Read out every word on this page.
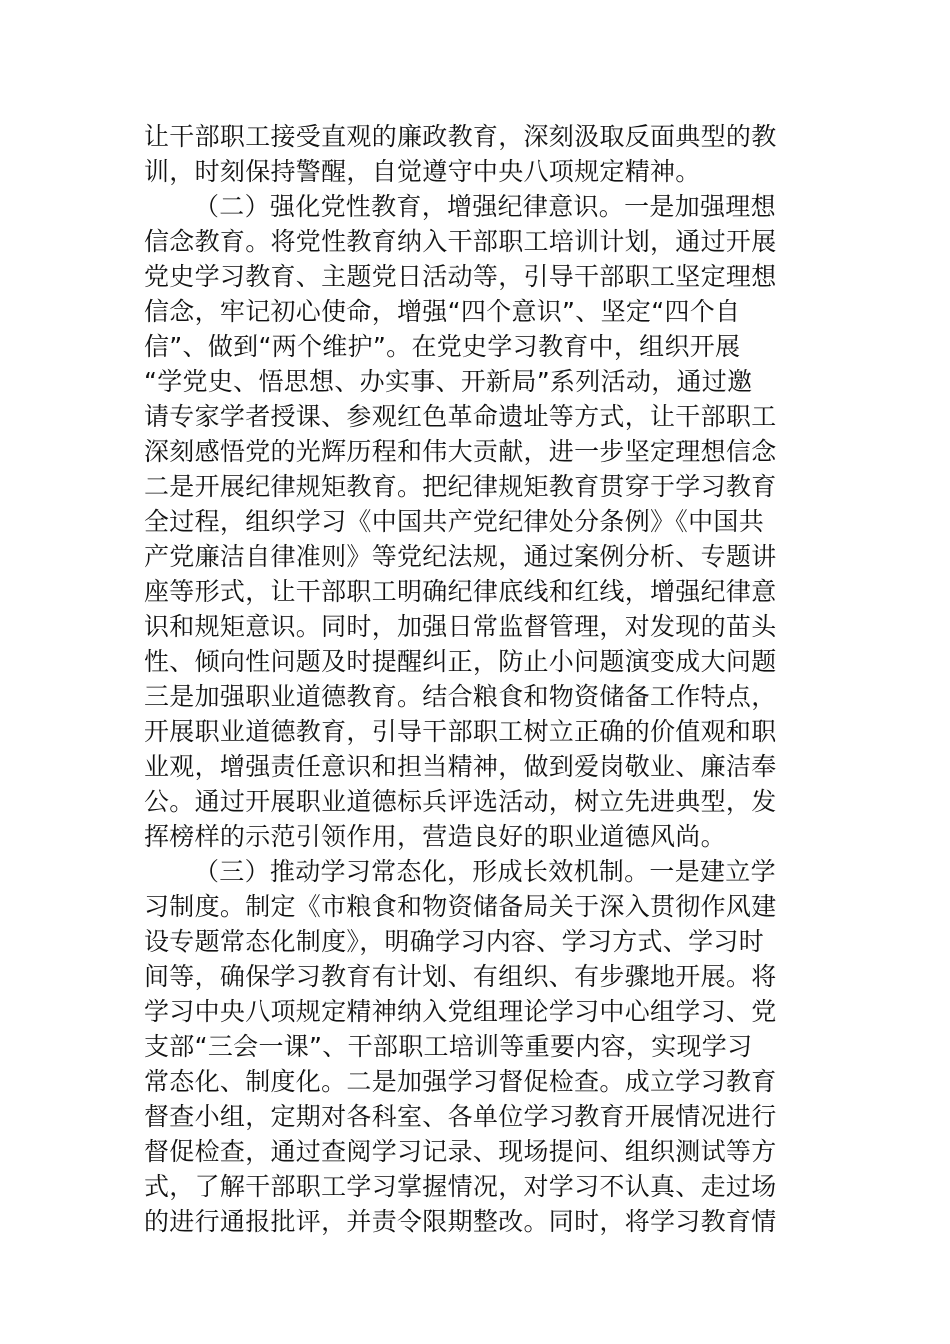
让干部职工接受直观的廉政教育，深刻汲取反面典型的教
训，时刻保持警醒，自觉遵守中央八项规定精神。
（二）强化党性教育，增强纪律意识。一是加强理想
信念教育。将党性教育纳入干部职工培训计划，通过开展
党史学习教育、主题党日活动等，引导干部职工坚定理想
信念，牢记初心使命，增强“四个意识”、坚定“四个自
信”、做到“两个维护”。在党史学习教育中，组织开展
“学党史、悟思想、办实事、开新局”系列活动，通过邀
请专家学者授课、参观红色革命遗址等方式，让干部职工
深刻感悟党的光辉历程和伟大贡献，进一步坚定理想信念
二是开展纪律规矩教育。把纪律规矩教育贯穿于学习教育
全过程，组织学习《中国共产党纪律处分条例》《中国共
产党廉洁自律准则》等党纪法规，通过案例分析、专题讲
座等形式，让干部职工明确纪律底线和红线，增强纪律意
识和规矩意识。同时，加强日常监督管理，对发现的苗头
性、倾向性问题及时提醒纠正，防止小问题演变成大问题
三是加强职业道德教育。结合粮食和物资储备工作特点，
开展职业道德教育，引导干部职工树立正确的价值观和职
业观，增强责任意识和担当精神，做到爱岗敬业、廉洁奉
公。通过开展职业道德标兵评选活动，树立先进典型，发
挥榜样的示范引领作用，营造良好的职业道德风尚。
（三）推动学习常态化，形成长效机制。一是建立学
习制度。制定《市粮食和物资储备局关于深入贯彻作风建
设专题常态化制度》，明确学习内容、学习方式、学习时
间等，确保学习教育有计划、有组织、有步骤地开展。将
学习中央八项规定精神纳入党组理论学习中心组学习、党
支部“三会一课”、干部职工培训等重要内容，实现学习
常态化、制度化。二是加强学习督促检查。成立学习教育
督查小组，定期对各科室、各单位学习教育开展情况进行
督促检查，通过查阅学习记录、现场提问、组织测试等方
式，了解干部职工学习掌握情况，对学习不认真、走过场
的进行通报批评，并责令限期整改。同时，将学习教育情
